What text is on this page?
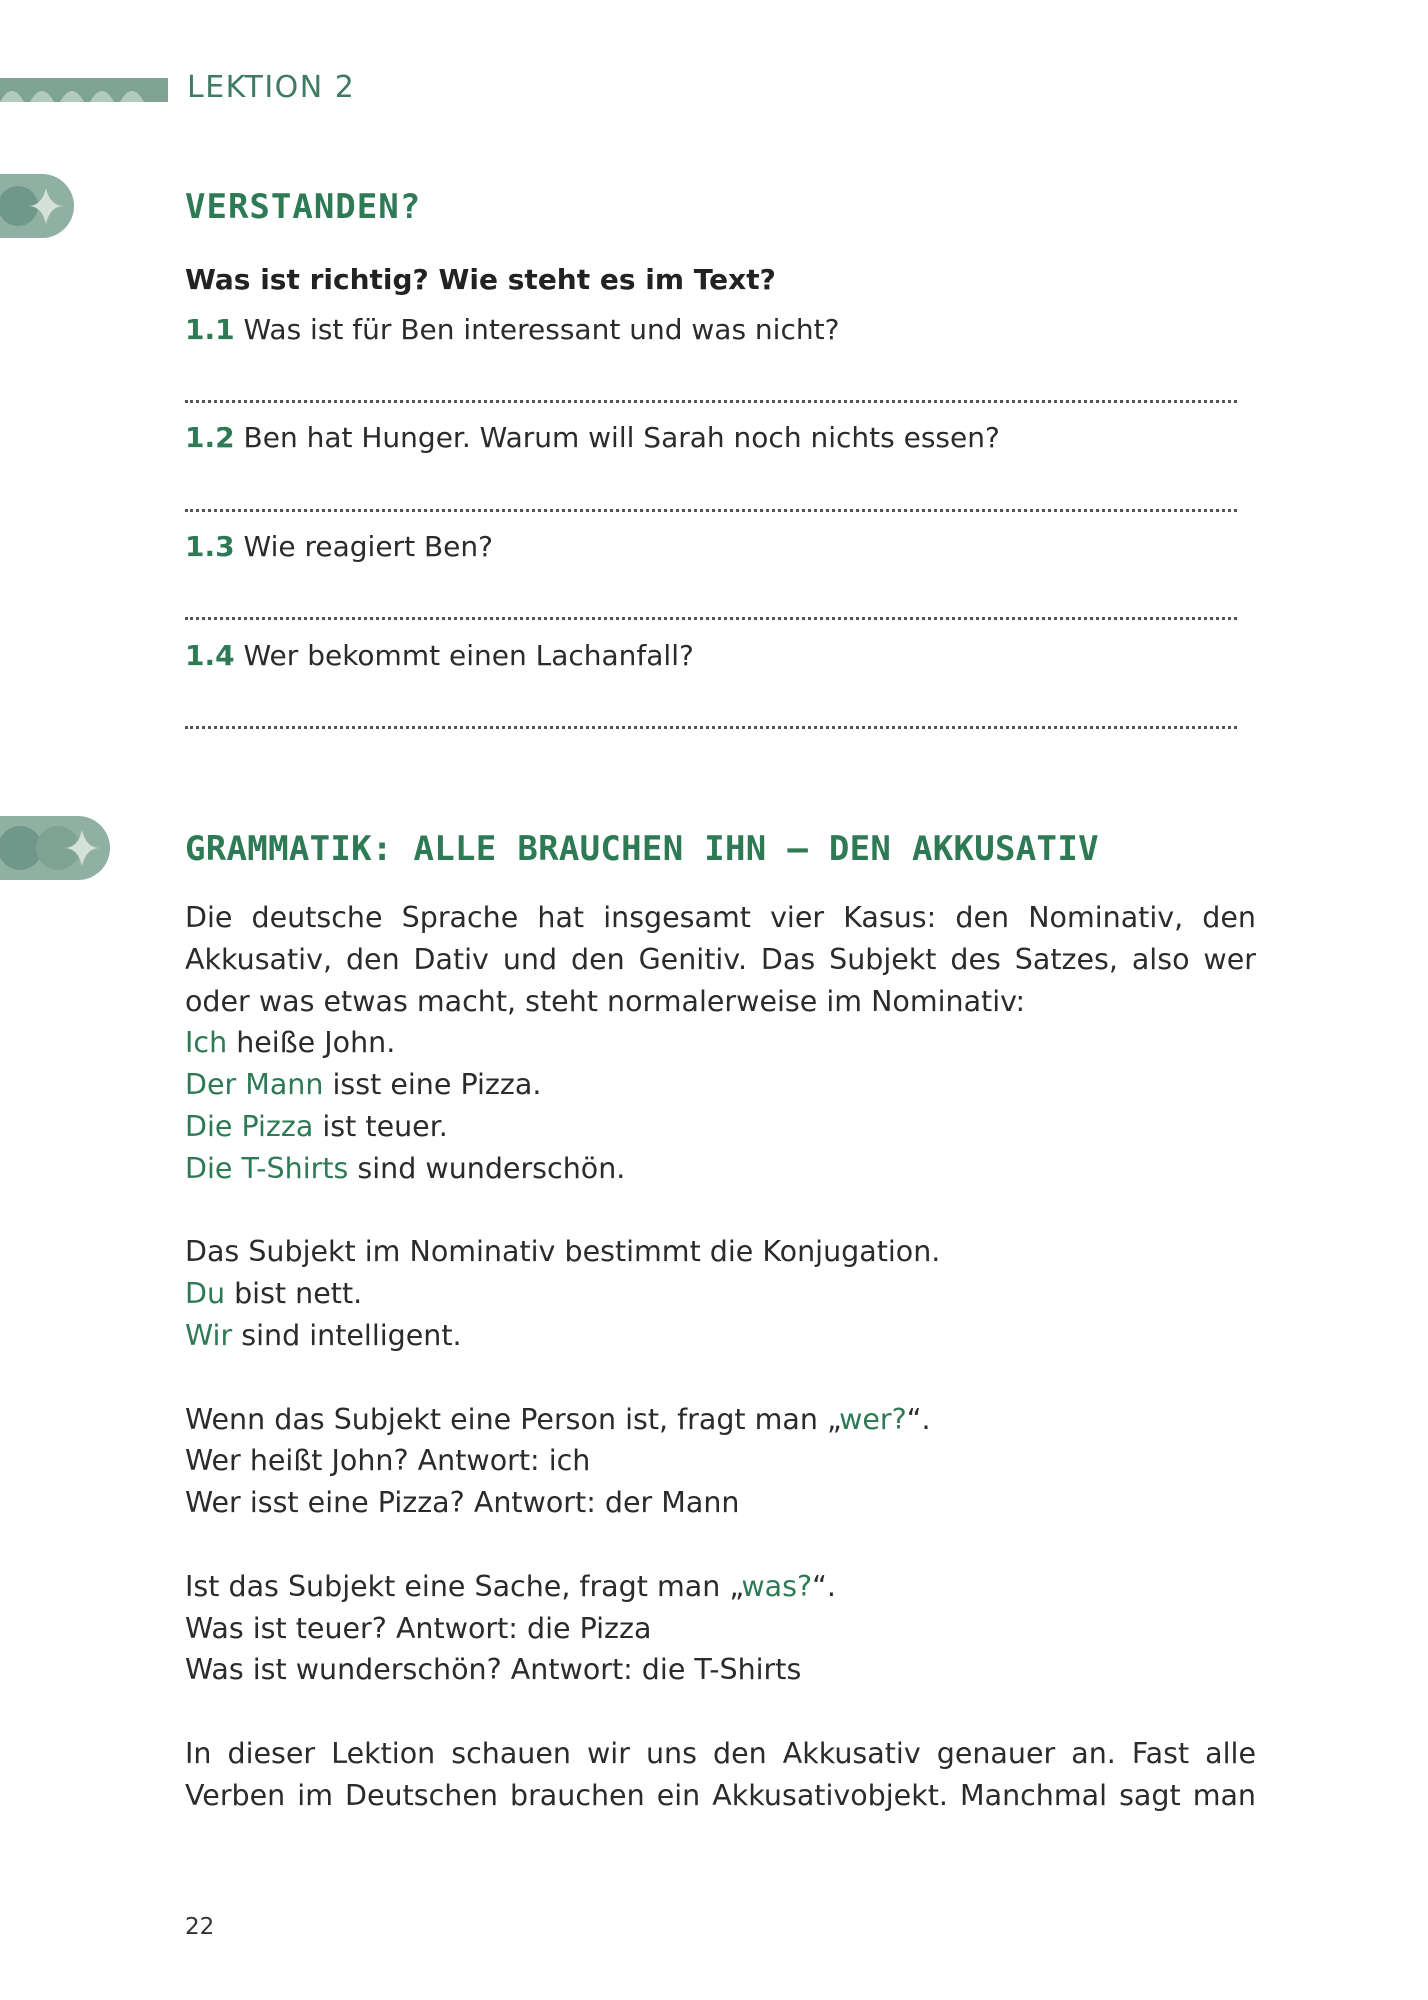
LEKTION 2
VERSTANDEN?
Was ist richtig? Wie steht es im Text?
1.1 Was ist für Ben interessant und was nicht?
1.2 Ben hat Hunger. Warum will Sarah noch nichts essen?
1.3 Wie reagiert Ben?
1.4 Wer bekommt einen Lachanfall?
GRAMMATIK: ALLE BRAUCHEN IHN – DEN AKKUSATIV
Die deutsche Sprache hat insgesamt vier Kasus: den Nominativ, den
Akkusativ, den Dativ und den Genitiv. Das Subjekt des Satzes, also wer
oder was etwas macht, steht normalerweise im Nominativ:
Ich heiße John.
Der Mann isst eine Pizza.
Die Pizza ist teuer.
Die T-Shirts sind wunderschön.
Das Subjekt im Nominativ bestimmt die Konjugation.
Du bist nett.
Wir sind intelligent.
Wenn das Subjekt eine Person ist, fragt man „wer?“.
Wer heißt John? Antwort: ich
Wer isst eine Pizza? Antwort: der Mann
Ist das Subjekt eine Sache, fragt man „was?“.
Was ist teuer? Antwort: die Pizza
Was ist wunderschön? Antwort: die T-Shirts
In dieser Lektion schauen wir uns den Akkusativ genauer an. Fast alle
Verben im Deutschen brauchen ein Akkusativobjekt. Manchmal sagt man
22
